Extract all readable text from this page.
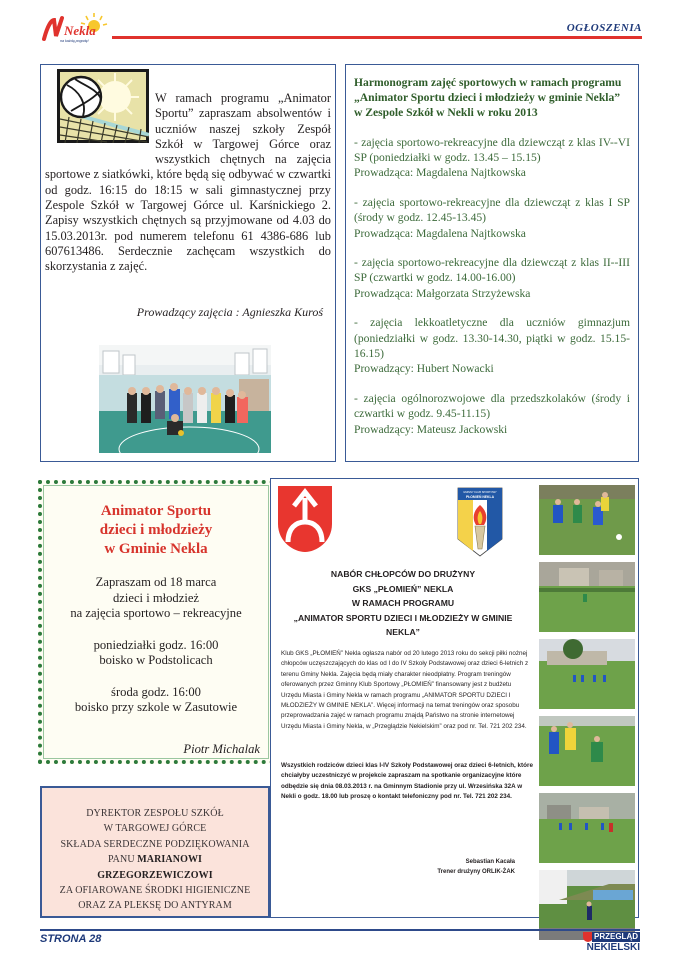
Nekla
na każdą pogodę!
OGŁOSZENIA
W ramach programu „Animator Sportu” zapraszam absolwentów i uczniów naszej szkoły Zespół Szkół w Targowej Górce oraz wszystkich chętnych na zajęcia sportowe z siatkówki, które będą się odbywać w czwartki od godz. 16:15 do 18:15 w sali gimnastycznej przy Zespole Szkół w Targowej Górce ul. Karśnickiego 2. Zapisy wszystkich chętnych są przyjmowane od 4.03 do 15.03.2013r. pod numerem telefonu 61 4386-686 lub 607613486. Serdecznie zachęcam wszystkich do skorzystania z zajęć.
Prowadzący zajęcia : Agnieszka Kuroś
Harmonogram zajęć sportowych w ramach programu „Animator Sportu dzieci i młodzieży w gminie Nekla” w Zespole Szkół w Nekli w roku 2013
- zajęcia sportowo-rekreacyjne dla dziewcząt z klas IV--VI SP (poniedziałki w godz. 13.45 – 15.15)
Prowadząca: Magdalena Najtkowska
- zajęcia sportowo-rekreacyjne dla dziewcząt z klas I SP (środy w godz. 12.45-13.45)
Prowadząca: Magdalena Najtkowska
- zajęcia sportowo-rekreacyjne dla dziewcząt z klas II--III SP (czwartki w godz. 14.00-16.00)
Prowadząca: Małgorzata Strzyżewska
- zajęcia lekkoatletyczne dla uczniów gimnazjum (poniedziałki w godz. 13.30-14.30, piątki w godz. 15.15-16.15)
Prowadzący: Hubert Nowacki
- zajęcia ogólnorozwojowe dla przedszkolaków (środy i czwartki w godz. 9.45-11.15)
Prowadzący: Mateusz Jackowski
Animator Sportu
dzieci i młodzieży
w Gminie Nekla
Zapraszam od 18 marca
dzieci i młodzież
na zajęcia sportowo – rekreacyjne
poniedziałki godz. 16:00
boisko w Podstolicach
środa godz. 16:00
boisko przy szkole w Zasutowie
Piotr Michalak
DYREKTOR ZESPOŁU SZKÓŁ
W TARGOWEJ GÓRCE
SKŁADA SERDECZNE PODZIĘKOWANIA
PANU MARIANOWI
GRZEGORZEWICZOWI
ZA OFIAROWANE ŚRODKI HIGIENICZNE
ORAZ ZA PLEKSĘ DO ANTYRAM
GMINNY KLUB SPORTOWY
PŁOMIEŃ NEKLA
NABÓR CHŁOPCÓW DO DRUŻYNY
GKS „PŁOMIEŃ” NEKLA
W RAMACH PROGRAMU
„ANIMATOR SPORTU DZIECI I MŁODZIEŻY W GMINIE
NEKLA”
Klub GKS „PŁOMIEŃ” Nekla ogłasza nabór od 20 lutego 2013 roku do sekcji piłki nożnej chłopców uczęszczających do klas od I do IV Szkoły Podstawowej oraz dzieci 6-letnich z terenu Gminy Nekla. Zajęcia będą miały charakter nieodpłatny. Program treningów oferowanych przez Gminny Klub Sportowy „PŁOMIEŃ” finansowany jest z budżetu Urzędu Miasta i Gminy Nekla w ramach programu „ANIMATOR SPORTU DZIECI I MŁODZIEŻY W GMINIE NEKLA”. Więcej informacji na temat treningów oraz sposobu przeprowadzania zajęć w ramach programu znajdą Państwo na stronie internetowej Urzędu Miasta i Gminy Nekla, w „Przeglądzie Nekielskim” oraz pod nr. Tel. 721 202 234.
Wszystkich rodziców dzieci klas I-IV Szkoły Podstawowej oraz dzieci 6-letnich, które chciałyby uczestniczyć w projekcie zapraszam na spotkanie organizacyjne które odbędzie się dnia 08.03.2013 r. na Gminnym Stadionie przy ul. Wrzesińska 32A w Nekli o godz. 18.00 lub proszę o kontakt telefoniczny pod nr. Tel. 721 202 234.
Sebastian Kacała
Trener drużyny ORLIK-ŻAK

STRONA 28	PRZEGLĄD
NEKIELSKI
